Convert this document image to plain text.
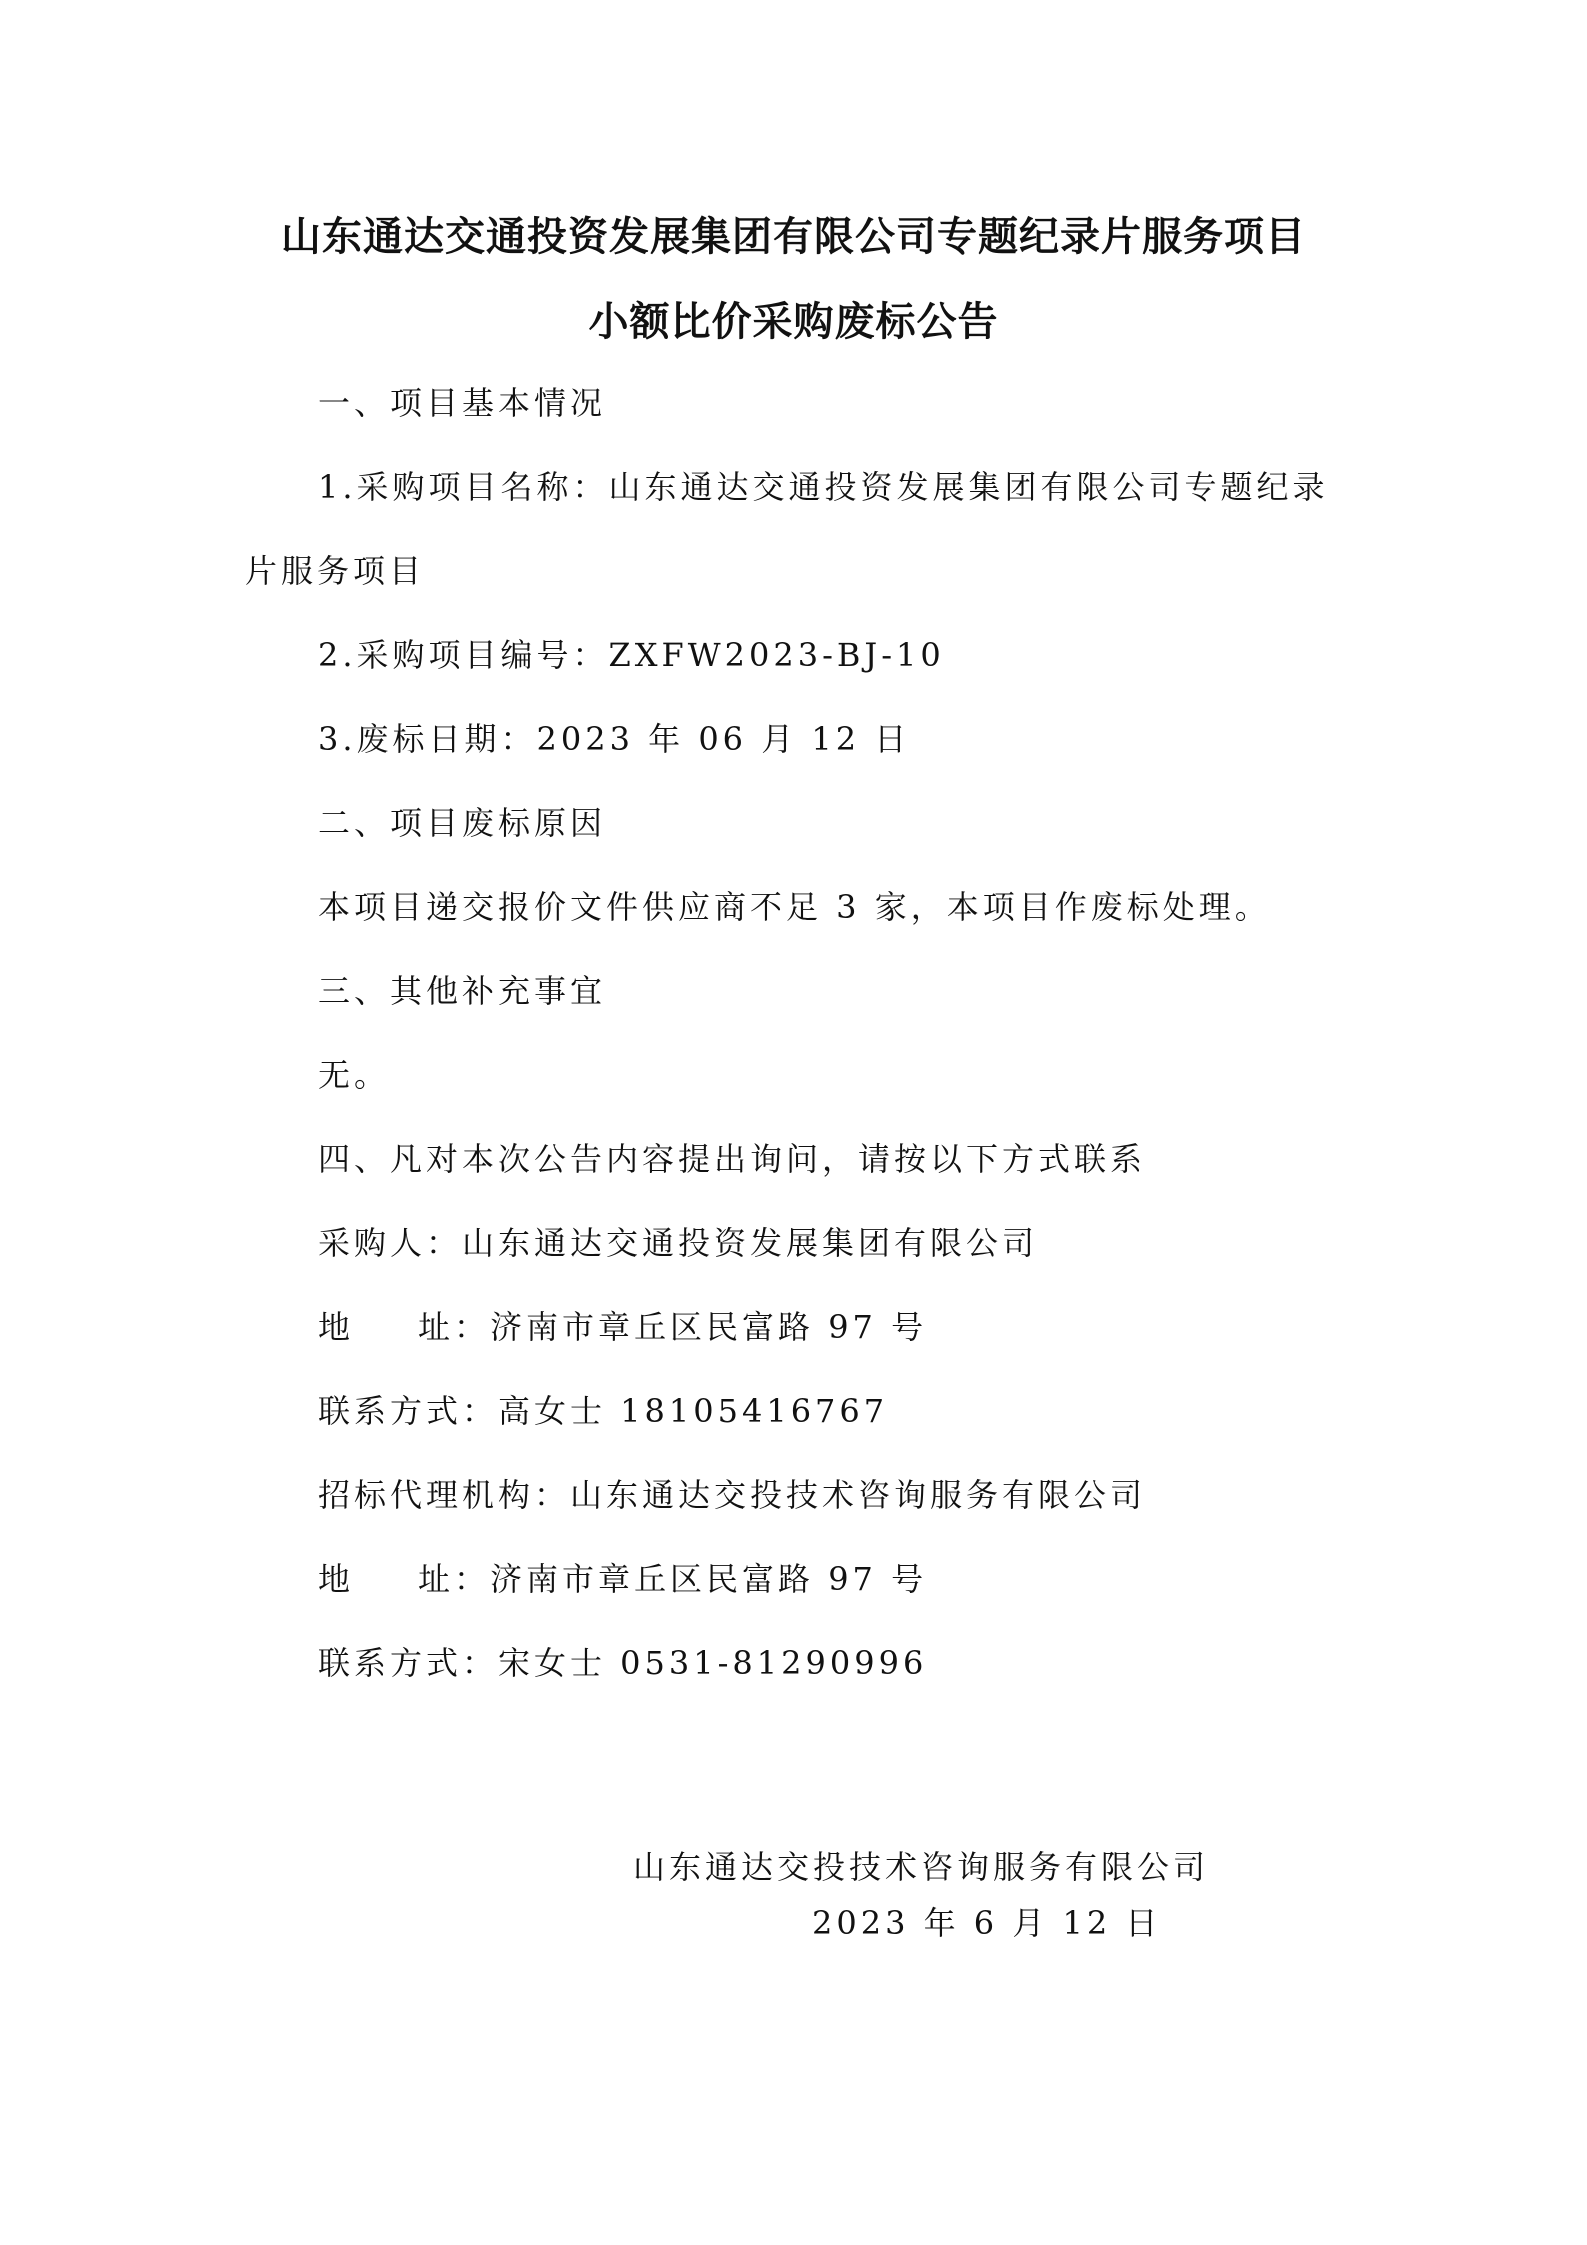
山东通达交通投资发展集团有限公司专题纪录片服务项目
小额比价采购废标公告
一、项目基本情况
1.采购项目名称：山东通达交通投资发展集团有限公司专题纪录
片服务项目
2.采购项目编号：ZXFW2023-BJ-10
3.废标日期：2023 年 06 月 12 日
二、项目废标原因
本项目递交报价文件供应商不足 3 家，本项目作废标处理。
三、其他补充事宜
无。
四、凡对本次公告内容提出询问，请按以下方式联系
采购人：山东通达交通投资发展集团有限公司
地 址：济南市章丘区民富路 97 号
联系方式：高女士 18105416767
招标代理机构：山东通达交投技术咨询服务有限公司
地 址：济南市章丘区民富路 97 号
联系方式：宋女士 0531-81290996
山东通达交投技术咨询服务有限公司
2023 年 6 月 12 日
